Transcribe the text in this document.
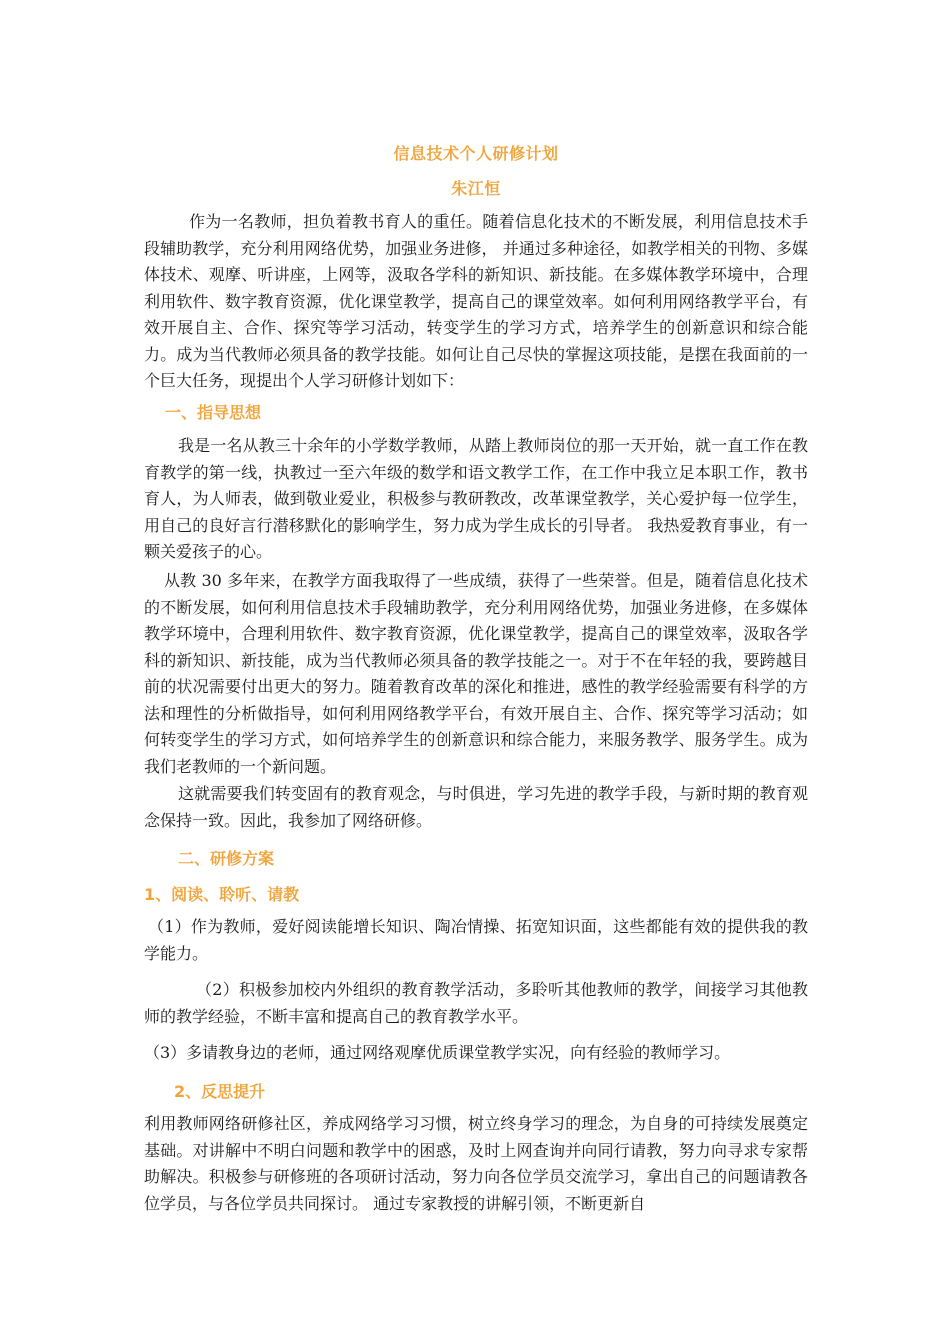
信息技术个人研修计划
朱江恒
作为一名教师，担负着教书育人的重任。随着信息化技术的不断发展，利用信息技术手段辅助教学，充分利用网络优势，加强业务进修， 并通过多种途径，如教学相关的刊物、多媒体技术、观摩、听讲座，上网等，汲取各学科的新知识、新技能。在多媒体教学环境中，合理利用软件、数字教育资源，优化课堂教学，提高自己的课堂效率。如何利用网络教学平台，有效开展自主、合作、探究等学习活动，转变学生的学习方式，培养学生的创新意识和综合能力。成为当代教师必须具备的教学技能。如何让自己尽快的掌握这项技能，是摆在我面前的一个巨大任务，现提出个人学习研修计划如下：
一、指导思想
我是一名从教三十余年的小学数学教师，从踏上教师岗位的那一天开始，就一直工作在教育教学的第一线，执教过一至六年级的数学和语文教学工作，在工作中我立足本职工作，教书育人，为人师表，做到敬业爱业，积极参与教研教改，改革课堂教学，关心爱护每一位学生，用自己的良好言行潜移默化的影响学生，努力成为学生成长的引导者。 我热爱教育事业，有一颗关爱孩子的心。
从教 30 多年来，在教学方面我取得了一些成绩，获得了一些荣誉。但是，随着信息化技术的不断发展，如何利用信息技术手段辅助教学，充分利用网络优势，加强业务进修，在多媒体教学环境中，合理利用软件、数字教育资源，优化课堂教学，提高自己的课堂效率，汲取各学科的新知识、新技能，成为当代教师必须具备的教学技能之一。对于不在年轻的我，要跨越目前的状况需要付出更大的努力。随着教育改革的深化和推进，感性的教学经验需要有科学的方法和理性的分析做指导，如何利用网络教学平台，有效开展自主、合作、探究等学习活动；如何转变学生的学习方式，如何培养学生的创新意识和综合能力，来服务教学、服务学生。成为我们老教师的一个新问题。
这就需要我们转变固有的教育观念，与时俱进，学习先进的教学手段，与新时期的教育观念保持一致。因此，我参加了网络研修。
二、研修方案
1、阅读、聆听、请教
（1）作为教师，爱好阅读能增长知识、陶冶情操、拓宽知识面，这些都能有效的提供我的教学能力。
（2）积极参加校内外组织的教育教学活动，多聆听其他教师的教学，间接学习其他教师的教学经验，不断丰富和提高自己的教育教学水平。
（3）多请教身边的老师，通过网络观摩优质课堂教学实况，向有经验的教师学习。
2、反思提升
利用教师网络研修社区，养成网络学习习惯，树立终身学习的理念，为自身的可持续发展奠定基础。对讲解中不明白问题和教学中的困惑，及时上网查询并向同行请教，努力向寻求专家帮助解决。积极参与研修班的各项研讨活动，努力向各位学员交流学习，拿出自己的问题请教各位学员，与各位学员共同探讨。 通过专家教授的讲解引领，不断更新自
